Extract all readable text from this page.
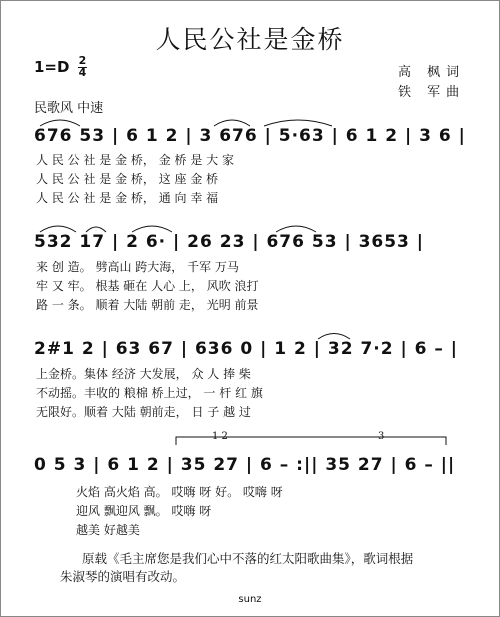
人民公社是金桥
1=D 2
4	高 枫词
铁 军曲
民歌风 中速
676 53 | 6 1 2 | 3 676 | 5·63 | 6 1 2 | 3 6 |
人 民 公 社 是 金 桥， 金 桥 是 大 家
人 民 公 社 是 金 桥， 这 座 金 桥
人 民 公 社 是 金 桥， 通 向 幸 福
532 17 | 2 6· | 26 23 | 676 53 | 3653 |
来 创 造。 劈高山 跨大海， 千军 万马
牢 又 牢。 根基 砸在 人心 上， 风吹 浪打
路 一 条。 顺着 大陆 朝前 走， 光明 前景
2#1 2 | 63 67 | 636 0 | 1 2 | 32 7·2 | 6 – |
上金桥。集体 经济 大发展， 众 人 捧 柴
不动摇。丰收的 粮棉 桥上过， 一 杆 红 旗
无限好。顺着 大陆 朝前走， 日 子 越 过
1 2	3
0 5 3 | 6 1 2 | 35 27 | 6 – :|| 35 27 | 6 – ||
火焰 高火焰 高。 哎嗨 呀 好。 哎嗨 呀
迎风 飘迎风 飘。 哎嗨 呀
越美 好越美
原载《毛主席您是我们心中不落的红太阳歌曲集》，歌词根据
朱淑琴的演唱有改动。
sunz
